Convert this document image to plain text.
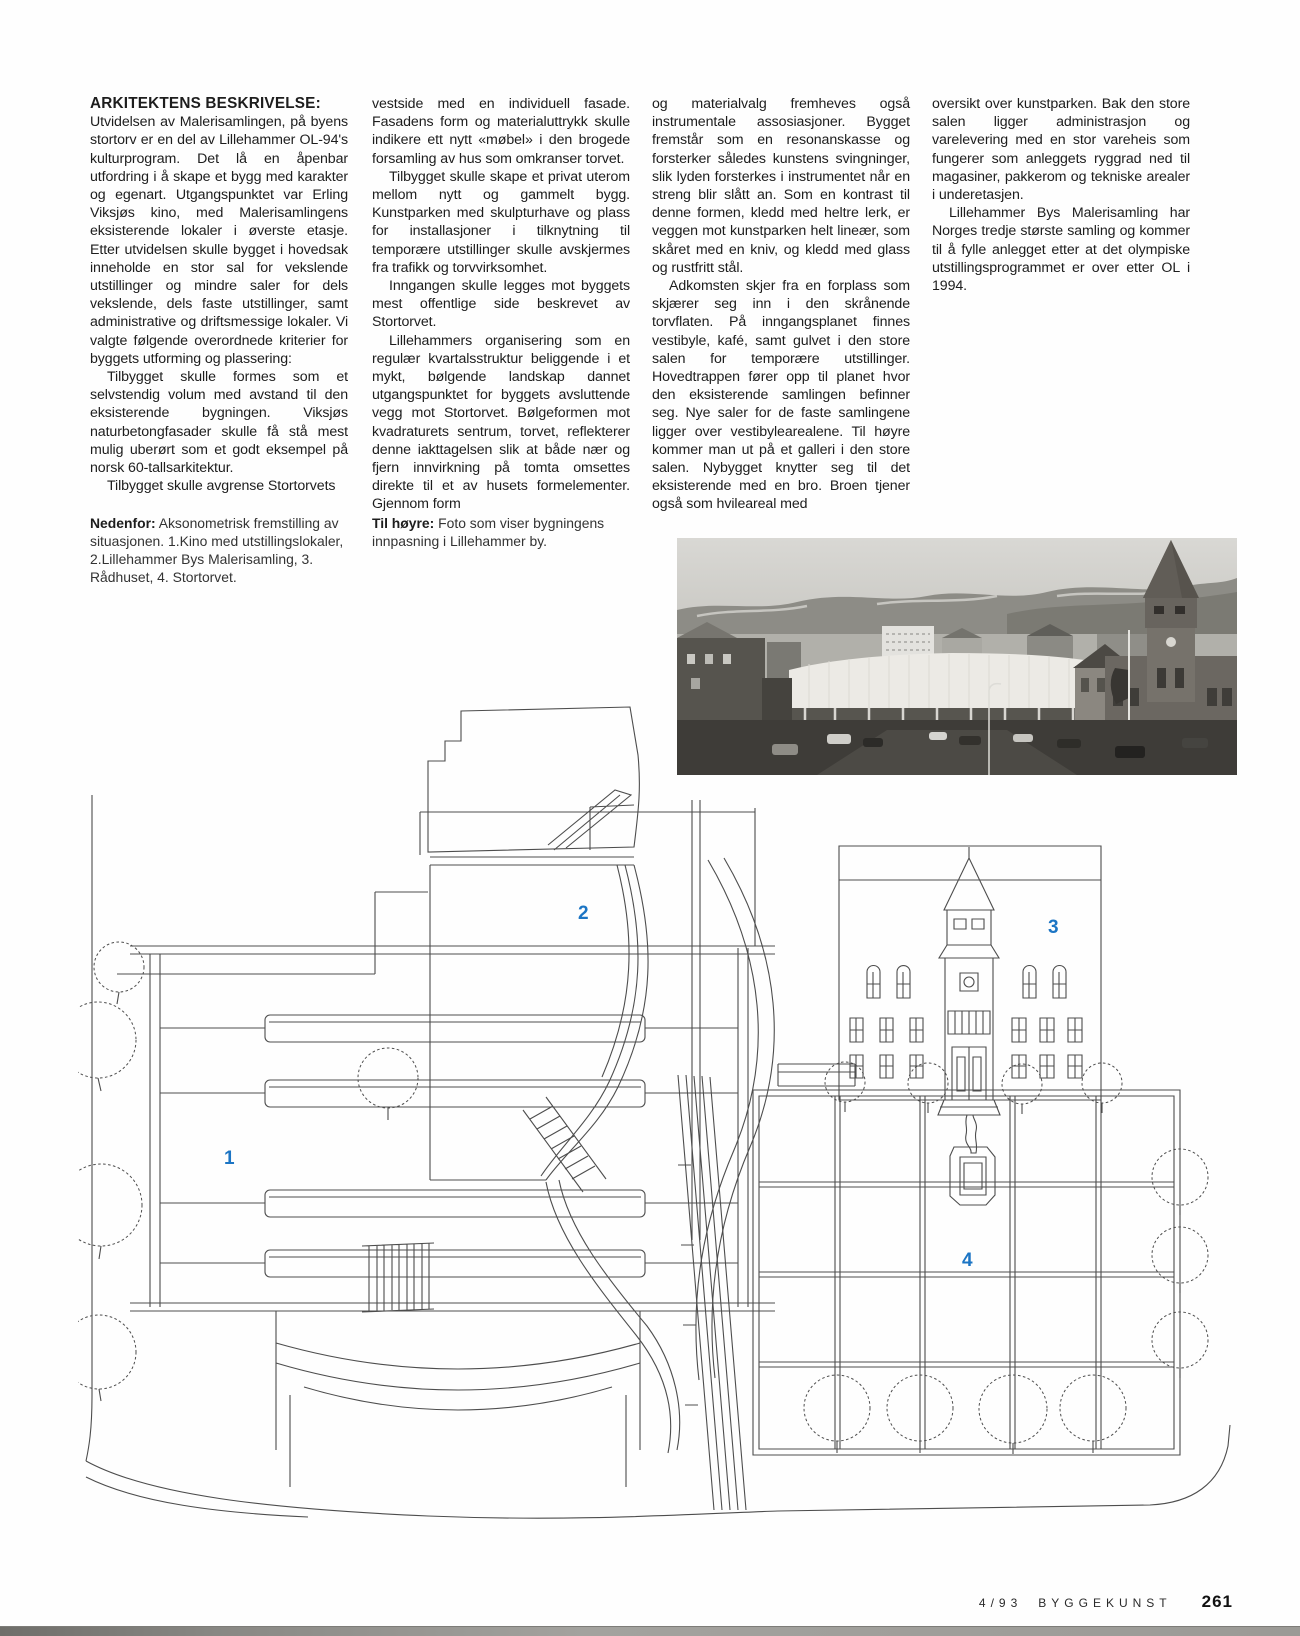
ARKITEKTENS BESKRIVELSE:

Utvidelsen av Malerisamlingen, på byens stortorv er en del av Lillehammer OL-94's kulturprogram. Det lå en åpenbar utfordring i å skape et bygg med karakter og egenart. Utgangspunktet var Erling Viksjøs kino, med Malerisamlingens eksisterende lokaler i øverste etasje. Etter utvidelsen skulle bygget i hovedsak inneholde en stor sal for vekslende utstillinger og mindre saler for dels vekslende, dels faste utstillinger, samt administrative og driftsmessige lokaler. Vi valgte følgende overordnede kriterier for byggets utforming og plassering:

Tilbygget skulle formes som et selvstendig volum med avstand til den eksisterende bygningen. Viksjøs naturbetongfasader skulle få stå mest mulig uberørt som et godt eksempel på norsk 60-tallsarkitektur.

Tilbygget skulle avgrense Stortorvets

vestside med en individuell fasade. Fasadens form og materialuttrykk skulle indikere ett nytt «møbel» i den brogede forsamling av hus som omkranser torvet.

Tilbygget skulle skape et privat uterom mellom nytt og gammelt bygg. Kunstparken med skulpturhave og plass for installasjoner i tilknytning til temporære utstillinger skulle avskjermes fra trafikk og torvvirksomhet.

Inngangen skulle legges mot byggets mest offentlige side beskrevet av Stortorvet.

Lillehammers organisering som en regulær kvartalsstruktur beliggende i et mykt, bølgende landskap dannet utgangspunktet for byggets avsluttende vegg mot Stortorvet. Bølgeformen mot kvadraturets sentrum, torvet, reflekterer denne iakttagelsen slik at både nær og fjern innvirkning på tomta omsettes direkte til et av husets formelementer. Gjennom form

og materialvalg fremheves også instrumentale assosiasjoner. Bygget fremstår som en resonanskasse og forsterker således kunstens svingninger, slik lyden forsterkes i instrumentet når en streng blir slått an. Som en kontrast til denne formen, kledd med heltre lerk, er veggen mot kunstparken helt lineær, som skåret med en kniv, og kledd med glass og rustfritt stål.

Adkomsten skjer fra en forplass som skjærer seg inn i den skrånende torvflaten. På inngangsplanet finnes vestibyle, kafé, samt gulvet i den store salen for temporære utstillinger. Hovedtrappen fører opp til planet hvor den eksisterende samlingen befinner seg. Nye saler for de faste samlingene ligger over vestibylearealene. Til høyre kommer man ut på et galleri i den store salen. Nybygget knytter seg til det eksisterende med en bro. Broen tjener også som hvileareal med

oversikt over kunstparken. Bak den store salen ligger administrasjon og varelevering med en stor vareheis som fungerer som anleggets ryggrad ned til magasiner, pakkerom og tekniske arealer i underetasjen.

Lillehammer Bys Malerisamling har Norges tredje største samling og kommer til å fylle anlegget etter at det olympiske utstillingsprogrammet er over etter OL i 1994.

Nedenfor: Aksonometrisk fremstilling av situasjonen. 1.Kino med utstillingslokaler, 2.Lillehammer Bys Malerisamling, 3. Rådhuset, 4. Stortorvet.
Til høyre: Foto som viser bygningens innpasning i Lillehammer by.
1
2
3
4
4/93 BYGGEKUNST 261
